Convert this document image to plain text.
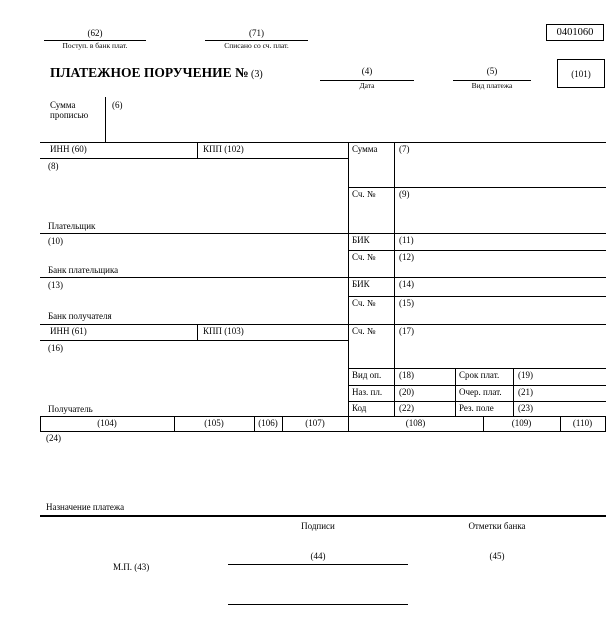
(62)
Поступ. в банк плат.
(71)
Списано со сч. плат.
0401060
ПЛАТЕЖНОЕ ПОРУЧЕНИЕ № (3)	(4)
Дата
(5)
Вид платежа
(101)
Сумма прописью
(6)
ИНН (60)	КПП (102)	Сумма (7)
(8)
Сч. №	(9)
Плательщик
(10)	БИК	(11)
Сч. №	(12)
Банк плательщика
(13)	БИК	(14)
Сч. №	(15)
Банк получателя
ИНН (61)	КПП (103)	Сч. №	(17)
(16)
Получатель
Вид оп. (18)	Срок плат. (19)
Наз. пл. (20)	Очер. плат. (21)
Код	(22)	Рез. поле	(23)
(104)	(105)	(106)	(107)	(108)	(109)	(110)
(24)
Назначение платежа
Подписи	Отметки банка
(44)	(45)
М.П. (43)
